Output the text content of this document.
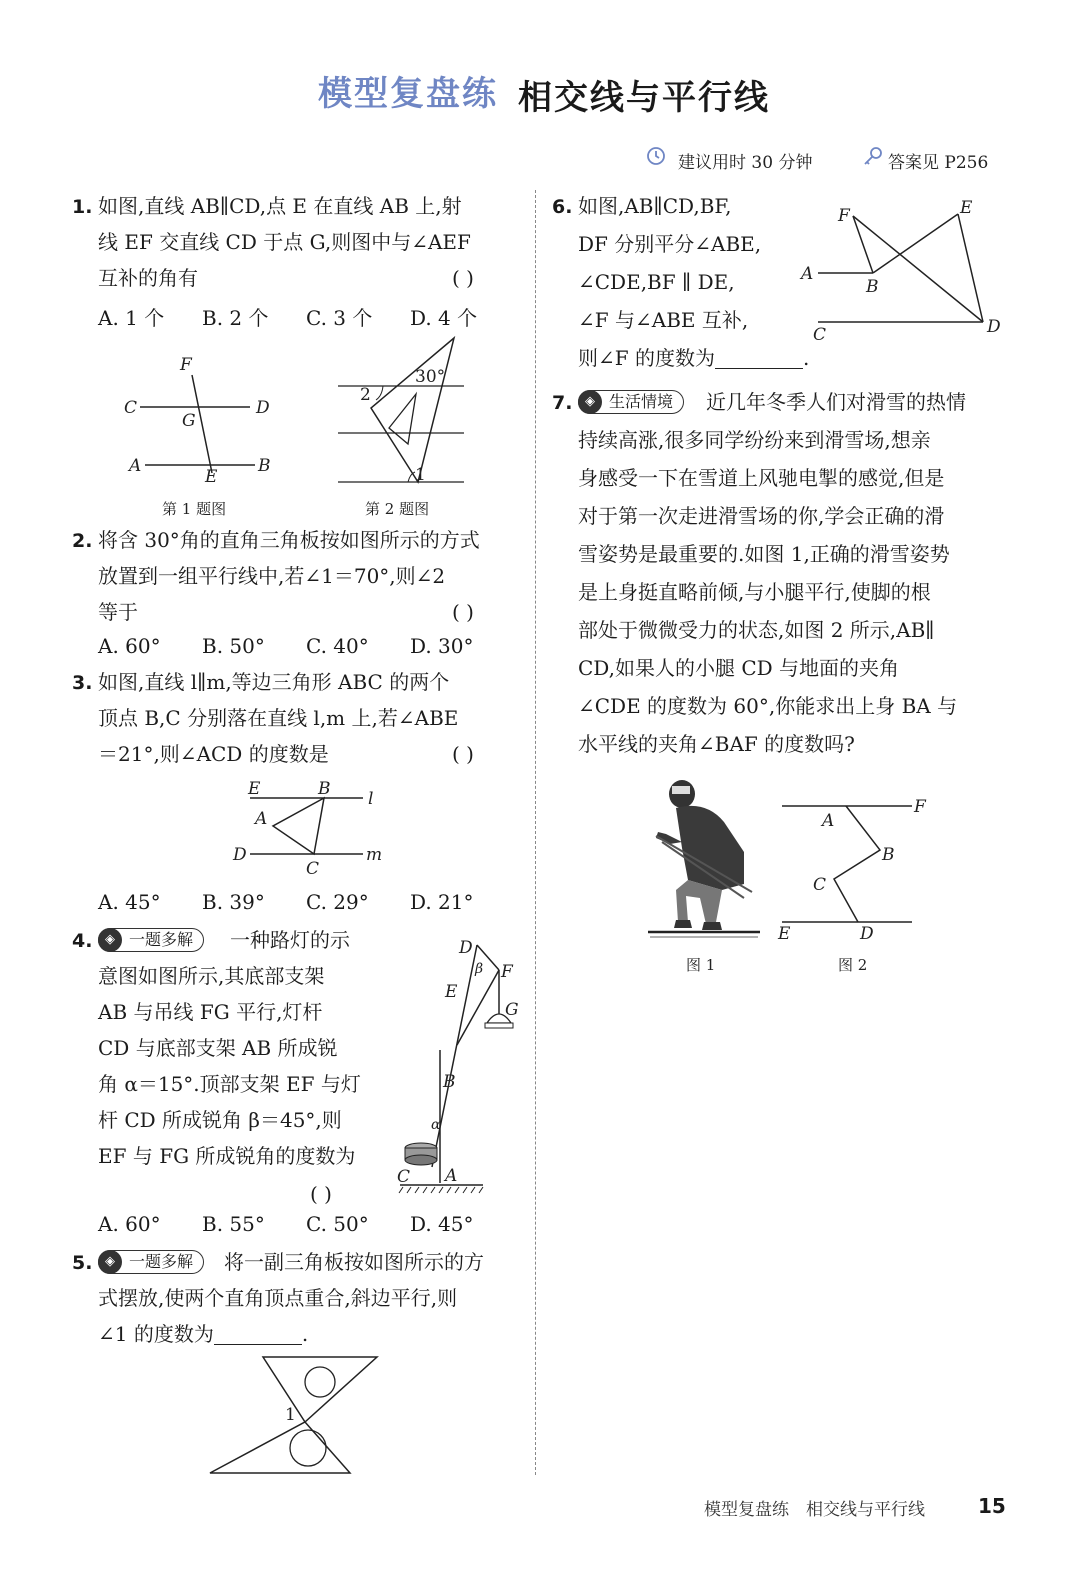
模型复盘练 相交线与平行线
建议用时 30 分钟	答案见 P256
1. 如图,直线 AB∥CD,点 E 在直线 AB 上,射
线 EF 交直线 CD 于点 G,则图中与∠AEF
互补的角有	( )
A. 1 个 B. 2 个 C. 3 个 D. 4 个
F
C
G
D
A
E
B
第 1 题图
2
30°
1
第 2 题图
2. 将含 30°角的直角三角板按如图所示的方式
放置到一组平行线中,若∠1＝70°,则∠2
等于	( )
A. 60° B. 50° C. 40° D. 30°
3. 如图,直线 l∥m,等边三角形 ABC 的两个
顶点 B,C 分别落在直线 l,m 上,若∠ABE
＝21°,则∠ACD 的度数是	( )
E	B l
A
D
C
m
A. 45° B. 39° C. 29° D. 21°
4. ◈ 一题多解	一种路灯的示
意图如图所示,其底部支架
AB 与吊线 FG 平行,灯杆
CD 与底部支架 AB 所成锐
角 α＝15°.顶部支架 EF 与灯
杆 CD 所成锐角 β＝45°,则
EF 与 FG 所成锐角的度数为
( )
D
β F
E
G
B
α
C A
A. 60° B. 55° C. 50° D. 45°
5. ◈ 一题多解	将一副三角板按如图所示的方
式摆放,使两个直角顶点重合,斜边平行,则
∠1 的度数为	.
1
6. 如图,AB∥CD,BF,
DF 分别平分∠ABE,
∠CDE,BF ∥ DE,
∠F 与∠ABE 互补,
则∠F 的度数为	.
F	E
A
B
C	D
7. ◈ 生活情境	近几年冬季人们对滑雪的热情
持续高涨,很多同学纷纷来到滑雪场,想亲
身感受一下在雪道上风驰电掣的感觉,但是
对于第一次走进滑雪场的你,学会正确的滑
雪姿势是最重要的.如图 1,正确的滑雪姿势
是上身挺直略前倾,与小腿平行,使脚的根
部处于微微受力的状态,如图 2 所示,AB∥
CD,如果人的小腿 CD 与地面的夹角
∠CDE 的度数为 60°,你能求出上身 BA 与
水平线的夹角∠BAF 的度数吗?
图 1
A
F
B
C
E	D
图 2
模型复盘练　相交线与平行线	15
